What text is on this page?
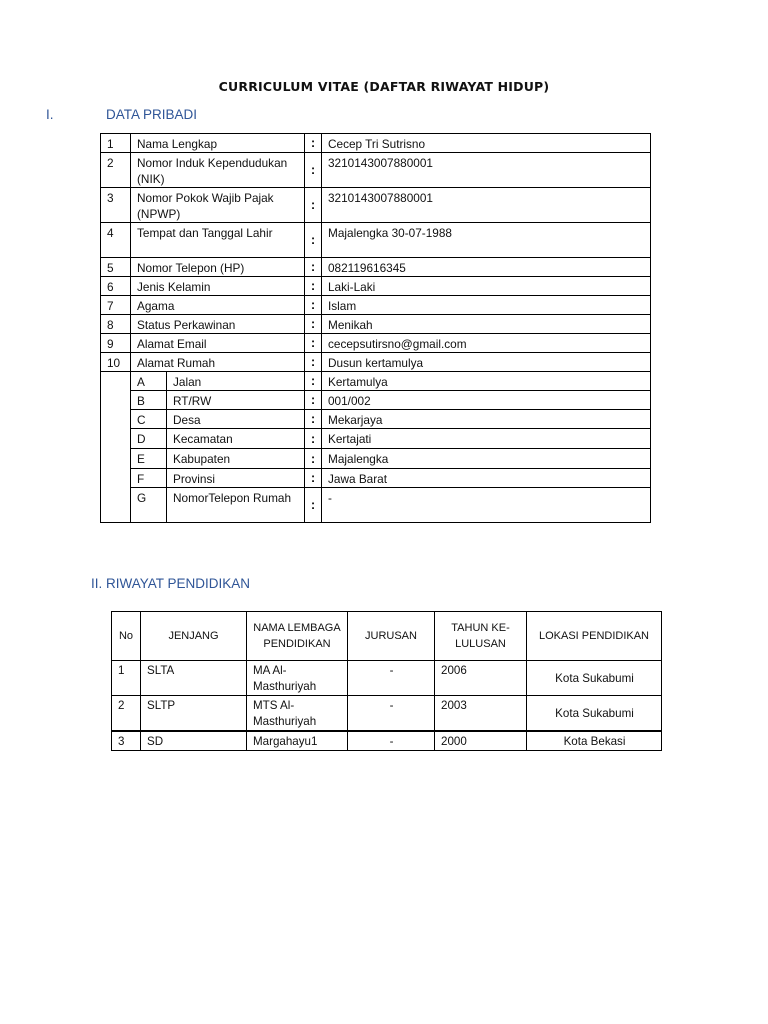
CURRICULUM VITAE (DAFTAR RIWAYAT HIDUP)
I.	DATA PRIBADI
1	Nama Lengkap		:	Cecep Tri Sutrisno
2	Nomor Induk Kependudukan (NIK)		:	3210143007880001
3	Nomor Pokok Wajib Pajak (NPWP)		:	3210143007880001
4	Tempat dan Tanggal Lahir		:	Majalengka 30-07-1988
5	Nomor Telepon (HP)		:	082119616345
6	Jenis Kelamin		:	Laki-Laki
7	Agama		:	Islam
8	Status Perkawinan		:	Menikah
9	Alamat Email		:	cecepsutirsno@gmail.com
10	Alamat Rumah		:	Dusun kertamulya
	A	Jalan	:	Kertamulya
	B	RT/RW	:	001/002
	C	Desa	:	Mekarjaya
	D	Kecamatan	:	Kertajati
	E	Kabupaten	:	Majalengka
	F	Provinsi	:	Jawa Barat
	G	NomorTelepon Rumah	:	-
II. RIWAYAT PENDIDIKAN
No	JENJANG	NAMA LEMBAGA PENDIDIKAN	JURUSAN	TAHUN KE-LULUSAN	LOKASI PENDIDIKAN
1	SLTA	MA Al-Masthuriyah	-	2006	Kota Sukabumi
2	SLTP	MTS Al-Masthuriyah	-	2003	Kota Sukabumi
3	SD	Margahayu1	-	2000	Kota Bekasi
